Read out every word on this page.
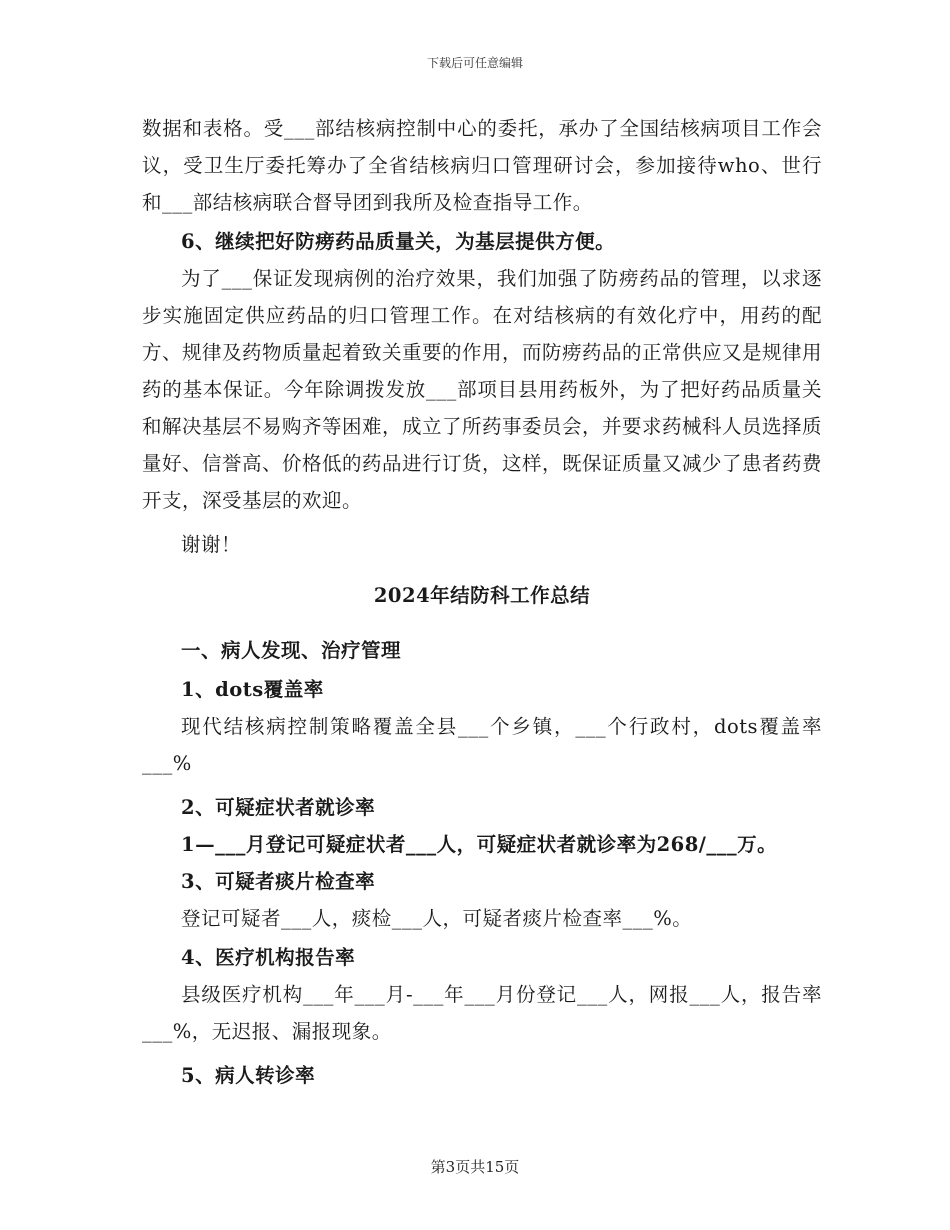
下载后可任意编辑

数据和表格。受___部结核病控制中心的委托，承办了全国结核病项目工作会议，受卫生厅委托筹办了全省结核病归口管理研讨会，参加接待who、世行和___部结核病联合督导团到我所及检查指导工作。

6、继续把好防痨药品质量关，为基层提供方便。

为了___保证发现病例的治疗效果，我们加强了防痨药品的管理，以求逐步实施固定供应药品的归口管理工作。在对结核病的有效化疗中，用药的配方、规律及药物质量起着致关重要的作用，而防痨药品的正常供应又是规律用药的基本保证。今年除调拨发放___部项目县用药板外，为了把好药品质量关和解决基层不易购齐等困难，成立了所药事委员会，并要求药械科人员选择质量好、信誉高、价格低的药品进行订货，这样，既保证质量又减少了患者药费开支，深受基层的欢迎。

谢谢！

2024年结防科工作总结

一、病人发现、治疗管理

1、dots覆盖率

现代结核病控制策略覆盖全县___个乡镇，___个行政村，dots覆盖率___%

2、可疑症状者就诊率

1—___月登记可疑症状者___人，可疑症状者就诊率为268/___万。

3、可疑者痰片检查率

登记可疑者___人，痰检___人，可疑者痰片检查率___%。

4、医疗机构报告率

县级医疗机构___年___月-___年___月份登记___人，网报___人，报告率___%，无迟报、漏报现象。

5、病人转诊率

第3页共15页
